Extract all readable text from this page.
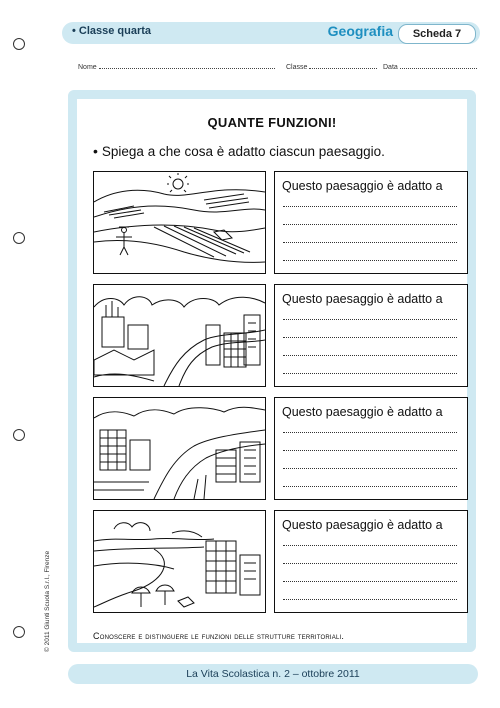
• Classe quarta	Geografia	Scheda 7
Nome	Classe	Data
QUANTE FUNZIONI!
• Spiega a che cosa è adatto ciascun paesaggio.
Questo paesaggio è adatto a
Questo paesaggio è adatto a
Questo paesaggio è adatto a
Questo paesaggio è adatto a
Conoscere e distinguere le funzioni delle strutture territoriali.
© 2011 Giunti Scuola S.r.l., Firenze
La Vita Scolastica n. 2 – ottobre 2011
